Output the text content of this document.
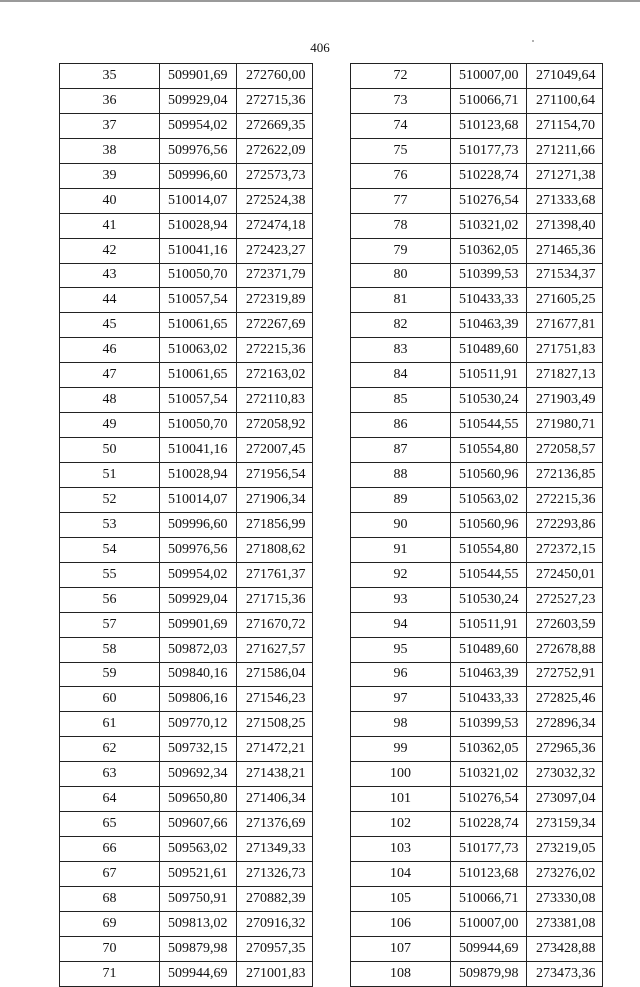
406
35	509901,69	272760,00
36	509929,04	272715,36
37	509954,02	272669,35
38	509976,56	272622,09
39	509996,60	272573,73
40	510014,07	272524,38
41	510028,94	272474,18
42	510041,16	272423,27
43	510050,70	272371,79
44	510057,54	272319,89
45	510061,65	272267,69
46	510063,02	272215,36
47	510061,65	272163,02
48	510057,54	272110,83
49	510050,70	272058,92
50	510041,16	272007,45
51	510028,94	271956,54
52	510014,07	271906,34
53	509996,60	271856,99
54	509976,56	271808,62
55	509954,02	271761,37
56	509929,04	271715,36
57	509901,69	271670,72
58	509872,03	271627,57
59	509840,16	271586,04
60	509806,16	271546,23
61	509770,12	271508,25
62	509732,15	271472,21
63	509692,34	271438,21
64	509650,80	271406,34
65	509607,66	271376,69
66	509563,02	271349,33
67	509521,61	271326,73
68	509750,91	270882,39
69	509813,02	270916,32
70	509879,98	270957,35
71	509944,69	271001,83
72	510007,00	271049,64
73	510066,71	271100,64
74	510123,68	271154,70
75	510177,73	271211,66
76	510228,74	271271,38
77	510276,54	271333,68
78	510321,02	271398,40
79	510362,05	271465,36
80	510399,53	271534,37
81	510433,33	271605,25
82	510463,39	271677,81
83	510489,60	271751,83
84	510511,91	271827,13
85	510530,24	271903,49
86	510544,55	271980,71
87	510554,80	272058,57
88	510560,96	272136,85
89	510563,02	272215,36
90	510560,96	272293,86
91	510554,80	272372,15
92	510544,55	272450,01
93	510530,24	272527,23
94	510511,91	272603,59
95	510489,60	272678,88
96	510463,39	272752,91
97	510433,33	272825,46
98	510399,53	272896,34
99	510362,05	272965,36
100	510321,02	273032,32
101	510276,54	273097,04
102	510228,74	273159,34
103	510177,73	273219,05
104	510123,68	273276,02
105	510066,71	273330,08
106	510007,00	273381,08
107	509944,69	273428,88
108	509879,98	273473,36
